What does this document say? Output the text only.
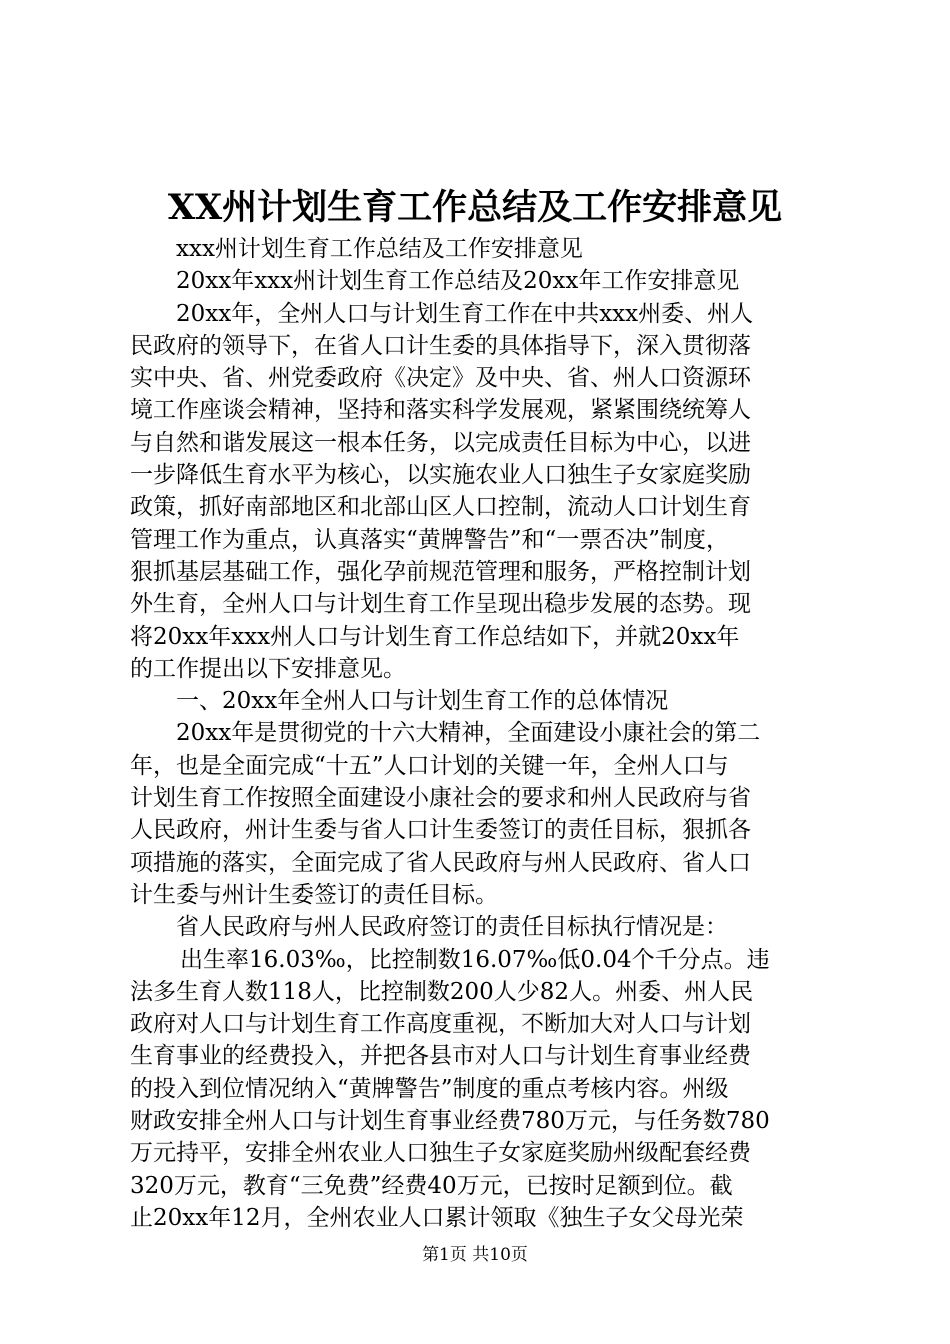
XX州计划生育工作总结及工作安排意见
xxx州计划生育工作总结及工作安排意见
20xx年xxx州计划生育工作总结及20xx年工作安排意见
20xx年，全州人口与计划生育工作在中共xxx州委、州人
民政府的领导下，在省人口计生委的具体指导下，深入贯彻落
实中央、省、州党委政府《决定》及中央、省、州人口资源环
境工作座谈会精神，坚持和落实科学发展观，紧紧围绕统筹人
与自然和谐发展这一根本任务，以完成责任目标为中心，以进
一步降低生育水平为核心，以实施农业人口独生子女家庭奖励
政策，抓好南部地区和北部山区人口控制，流动人口计划生育
管理工作为重点，认真落实“黄牌警告”和“一票否决”制度，
狠抓基层基础工作，强化孕前规范管理和服务，严格控制计划
外生育，全州人口与计划生育工作呈现出稳步发展的态势。现
将20xx年xxx州人口与计划生育工作总结如下，并就20xx年
的工作提出以下安排意见。
一、20xx年全州人口与计划生育工作的总体情况
20xx年是贯彻党的十六大精神，全面建设小康社会的第二
年，也是全面完成“十五”人口计划的关键一年，全州人口与
计划生育工作按照全面建设小康社会的要求和州人民政府与省
人民政府，州计生委与省人口计生委签订的责任目标，狠抓各
项措施的落实，全面完成了省人民政府与州人民政府、省人口
计生委与州计生委签订的责任目标。
省人民政府与州人民政府签订的责任目标执行情况是：
出生率16.03‰，比控制数16.07‰低0.04个千分点。违
法多生育人数118人，比控制数200人少82人。州委、州人民
政府对人口与计划生育工作高度重视，不断加大对人口与计划
生育事业的经费投入，并把各县市对人口与计划生育事业经费
的投入到位情况纳入“黄牌警告”制度的重点考核内容。州级
财政安排全州人口与计划生育事业经费780万元，与任务数780
万元持平，安排全州农业人口独生子女家庭奖励州级配套经费
320万元，教育“三免费”经费40万元，已按时足额到位。截
止20xx年12月，全州农业人口累计领取《独生子女父母光荣
第1页 共10页
